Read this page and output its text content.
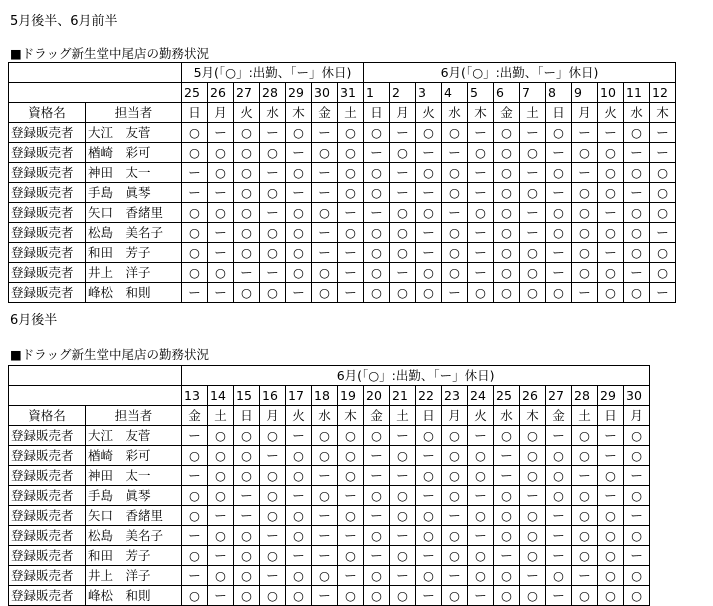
5月後半、6月前半
■ドラッグ新生堂中尾店の勤務状況
		5月(「○」:出勤、「ー」休日)							6月(「○」:出勤、「ー」休日)											
		25	26	27	28	29	30	31	1	2	3	4	5	6	7	8	9	10	11	12
資格名	担当者	日	月	火	水	木	金	土	日	月	火	水	木	金	土	日	月	火	水	木
登録販売者	大江　友菅	○	ー	○	ー	○	ー	○	○	ー	○	○	ー	○	ー	○	ー	ー	○	ー
登録販売者	楢崎　彩可	○	○	○	○	ー	○	○	ー	○	ー	ー	○	○	○	ー	○	○	ー	ー
登録販売者	神田　太一	ー	○	○	ー	○	ー	○	○	ー	○	○	ー	○	ー	○	ー	○	○	○
登録販売者	手島　眞琴	ー	ー	○	○	ー	ー	○	○	ー	ー	○	ー	○	○	ー	○	○	ー	○
登録販売者	矢口　香緒里	○	○	○	ー	○	○	ー	ー	○	○	ー	○	○	ー	○	○	ー	○	○
登録販売者	松島　美名子	○	ー	○	○	○	ー	○	○	○	ー	○	ー	○	ー	○	○	○	○	ー
登録販売者	和田　芳子	○	ー	○	○	○	ー	ー	○	○	ー	○	ー	○	○	ー	○	ー	○	○
登録販売者	井上　洋子	○	○	ー	ー	○	○	ー	○	ー	○	○	ー	○	○	ー	○	○	ー	○
登録販売者	峰松　和則	ー	ー	○	○	ー	○	ー	○	○	○	ー	○	○	○	○	ー	○	○	ー
6月後半
■ドラッグ新生堂中尾店の勤務状況
		6月(「○」:出勤、「ー」休日)																	
		13	14	15	16	17	18	19	20	21	22	23	24	25	26	27	28	29	30
資格名	担当者	金	土	日	月	火	水	木	金	土	日	月	火	水	木	金	土	日	月
登録販売者	大江　友菅	ー	○	○	○	ー	○	○	○	ー	○	○	ー	○	○	ー	○	ー	○
登録販売者	楢崎　彩可	○	○	○	ー	○	○	○	ー	○	ー	○	○	ー	○	○	○	ー	○
登録販売者	神田　太一	ー	○	○	○	○	ー	○	ー	ー	○	○	○	ー	○	○	ー	○	ー
登録販売者	手島　眞琴	○	○	ー	○	ー	○	ー	○	○	ー	○	ー	○	ー	○	○	ー	○
登録販売者	矢口　香緒里	○	ー	ー	○	○	ー	○	ー	○	○	ー	○	○	○	ー	○	○	ー
登録販売者	松島　美名子	ー	○	○	ー	○	ー	ー	○	ー	○	○	ー	○	○	ー	○	○	○
登録販売者	和田　芳子	○	ー	○	○	ー	ー	○	ー	○	ー	○	○	ー	○	ー	○	○	ー
登録販売者	井上　洋子	ー	○	○	ー	○	○	ー	○	ー	○	ー	○	○	ー	○	ー	○	○
登録販売者	峰松　和則	○	ー	○	○	○	ー	○	○	○	ー	○	ー	○	○	ー	○	○	○
